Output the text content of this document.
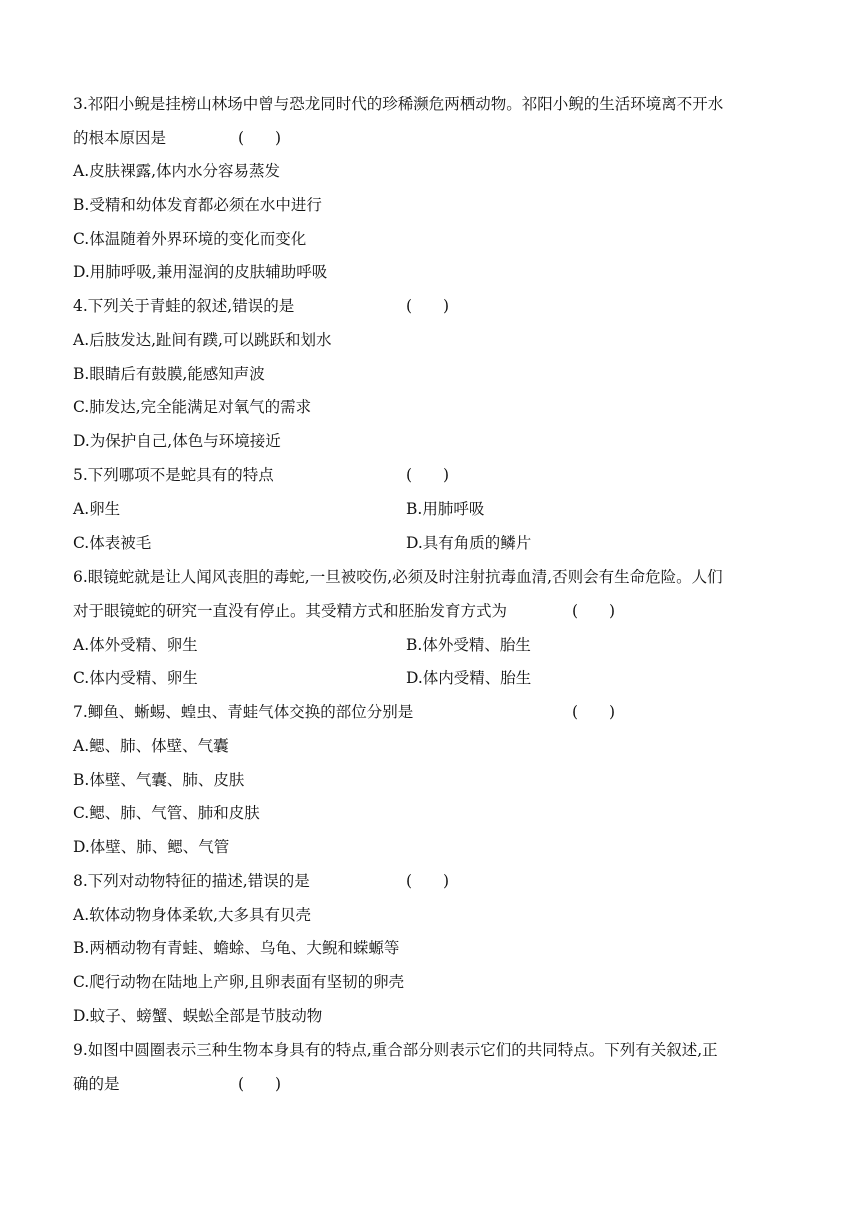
3.祁阳小鲵是挂榜山林场中曾与恐龙同时代的珍稀濒危两栖动物。祁阳小鲵的生活环境离不开水
的根本原因是	(　　)
A.皮肤裸露,体内水分容易蒸发
B.受精和幼体发育都必须在水中进行
C.体温随着外界环境的变化而变化
D.用肺呼吸,兼用湿润的皮肤辅助呼吸
4.下列关于青蛙的叙述,错误的是	(　　)
A.后肢发达,趾间有蹼,可以跳跃和划水
B.眼睛后有鼓膜,能感知声波
C.肺发达,完全能满足对氧气的需求
D.为保护自己,体色与环境接近
5.下列哪项不是蛇具有的特点	(　　)
A.卵生	B.用肺呼吸
C.体表被毛	D.具有角质的鳞片
6.眼镜蛇就是让人闻风丧胆的毒蛇,一旦被咬伤,必须及时注射抗毒血清,否则会有生命危险。人们
对于眼镜蛇的研究一直没有停止。其受精方式和胚胎发育方式为	(　　)
A.体外受精、卵生	B.体外受精、胎生
C.体内受精、卵生	D.体内受精、胎生
7.鲫鱼、蜥蜴、蝗虫、青蛙气体交换的部位分别是	(　　)
A.鳃、肺、体壁、气囊
B.体壁、气囊、肺、皮肤
C.鳃、肺、气管、肺和皮肤
D.体壁、肺、鳃、气管
8.下列对动物特征的描述,错误的是	(　　)
A.软体动物身体柔软,大多具有贝壳
B.两栖动物有青蛙、蟾蜍、乌龟、大鲵和蝾螈等
C.爬行动物在陆地上产卵,且卵表面有坚韧的卵壳
D.蚊子、螃蟹、蜈蚣全部是节肢动物
9.如图中圆圈表示三种生物本身具有的特点,重合部分则表示它们的共同特点。下列有关叙述,正
确的是	(　　)
